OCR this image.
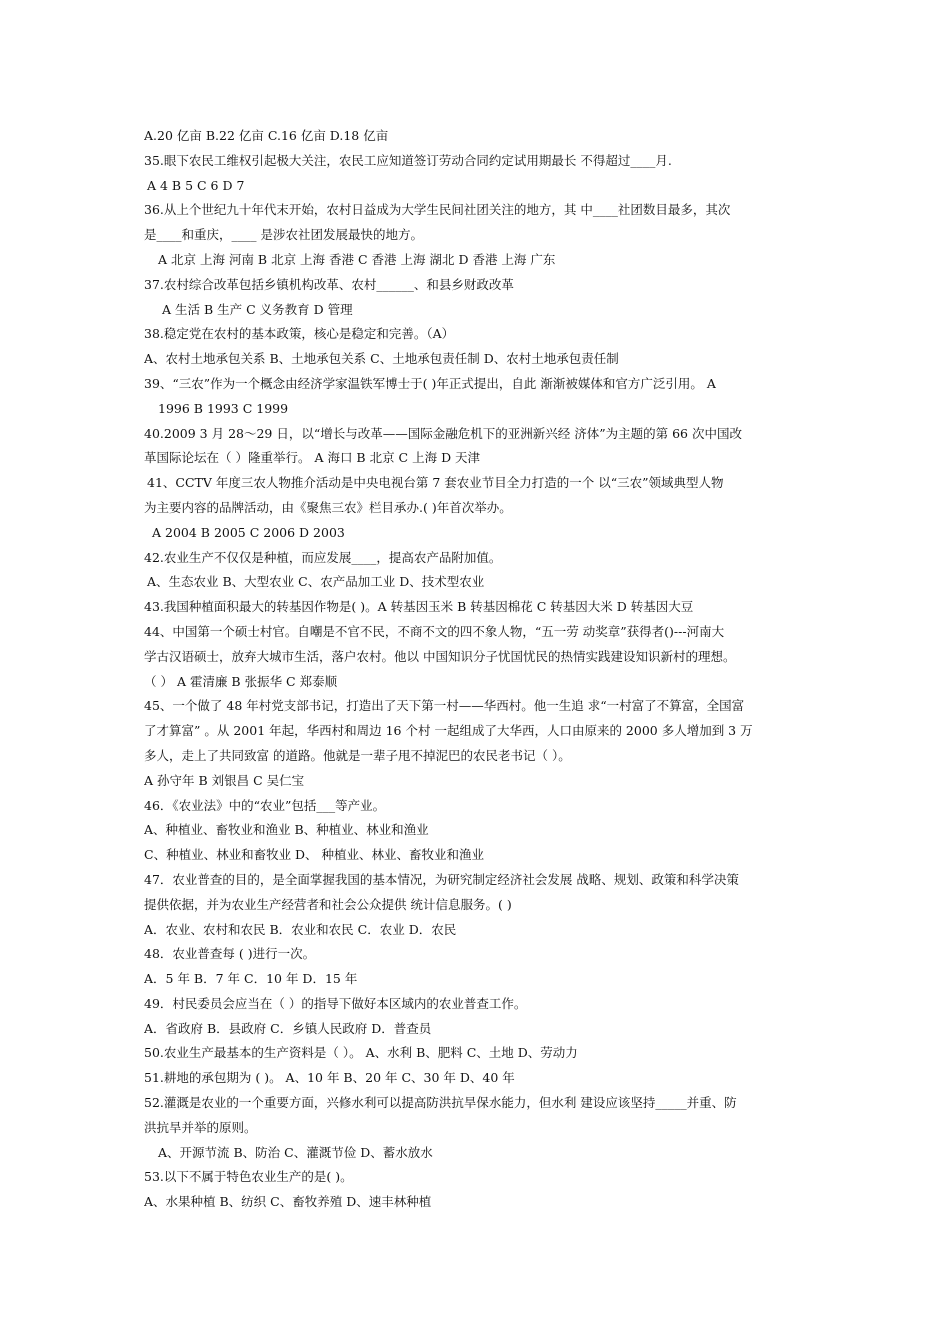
A.20 亿亩 B.22 亿亩 C.16 亿亩 D.18 亿亩
35.眼下农民工维权引起极大关注，农民工应知道签订劳动合同约定试用期最长 不得超过____月.
A 4 B 5 C 6 D 7
36.从上个世纪九十年代末开始，农村日益成为大学生民间社团关注的地方，其 中____社团数目最多，其次
是____和重庆，____ 是涉农社团发展最快的地方。
A 北京 上海 河南 B 北京 上海 香港 C 香港 上海 湖北 D 香港 上海 广东
37.农村综合改革包括乡镇机构改革、农村______、和县乡财政改革
A 生活 B 生产 C 义务教育 D 管理
38.稳定党在农村的基本政策，核心是稳定和完善。（A）
A、农村土地承包关系 B、土地承包关系 C、土地承包责任制 D、农村土地承包责任制
39、“三农”作为一个概念由经济学家温铁军博士于( )年正式提出，自此 渐渐被媒体和官方广泛引用。 A
1996 B 1993 C 1999
40.2009 3 月 28～29 日，以“增长与改革——国际金融危机下的亚洲新兴经 济体”为主题的第 66 次中国改
革国际论坛在（ ）隆重举行。 A 海口 B 北京 C 上海 D 天津
41、CCTV 年度三农人物推介活动是中央电视台第 7 套农业节目全力打造的一个 以“三农”领域典型人物
为主要内容的品牌活动，由《聚焦三农》栏目承办.( )年首次举办。
A 2004 B 2005 C 2006 D 2003
42.农业生产不仅仅是种植，而应发展____，提高农产品附加值。
A、生态农业 B、大型农业 C、农产品加工业 D、技术型农业
43.我国种植面积最大的转基因作物是( )。A 转基因玉米 B 转基因棉花 C 转基因大米 D 转基因大豆
44、中国第一个硕士村官。自嘲是不官不民，不商不文的四不象人物，“五一劳 动奖章”获得者()---河南大
学古汉语硕士，放弃大城市生活，落户农村。他以 中国知识分子忧国忧民的热情实践建设知识新村的理想。
（ ） A 霍清廉 B 张振华 C 郑泰顺
45、一个做了 48 年村党支部书记，打造出了天下第一村——华西村。他一生追 求“一村富了不算富，全国富
了才算富” 。从 2001 年起，华西村和周边 16 个村 一起组成了大华西，人口由原来的 2000 多人增加到 3 万
多人，走上了共同致富 的道路。他就是一辈子甩不掉泥巴的农民老书记（ ）。
A 孙守年 B 刘银昌 C 吴仁宝
46．《农业法》中的“农业”包括___等产业。
A、种植业、畜牧业和渔业 B、种植业、林业和渔业
C、种植业、林业和畜牧业 D、 种植业、林业、畜牧业和渔业
47．农业普查的目的，是全面掌握我国的基本情况，为研究制定经济社会发展 战略、规划、政策和科学决策
提供依据，并为农业生产经营者和社会公众提供 统计信息服务。( )
A．农业、农村和农民 B．农业和农民 C．农业 D．农民
48．农业普查每 ( )进行一次。
A．5 年 B．7 年 C．10 年 D．15 年
49．村民委员会应当在（ ）的指导下做好本区域内的农业普查工作。
A．省政府 B．县政府 C．乡镇人民政府 D．普查员
50.农业生产最基本的生产资料是（ ）。 A、水利 B、肥料 C、土地 D、劳动力
51.耕地的承包期为 ( )。 A、10 年 B、20 年 C、30 年 D、40 年
52.灌溉是农业的一个重要方面，兴修水利可以提高防洪抗旱保水能力，但水利 建设应该坚持_____并重、防
洪抗旱并举的原则。
A、开源节流 B、防治 C、灌溉节俭 D、蓄水放水
53.以下不属于特色农业生产的是( )。
A、水果种植 B、纺织 C、畜牧养殖 D、速丰林种植
